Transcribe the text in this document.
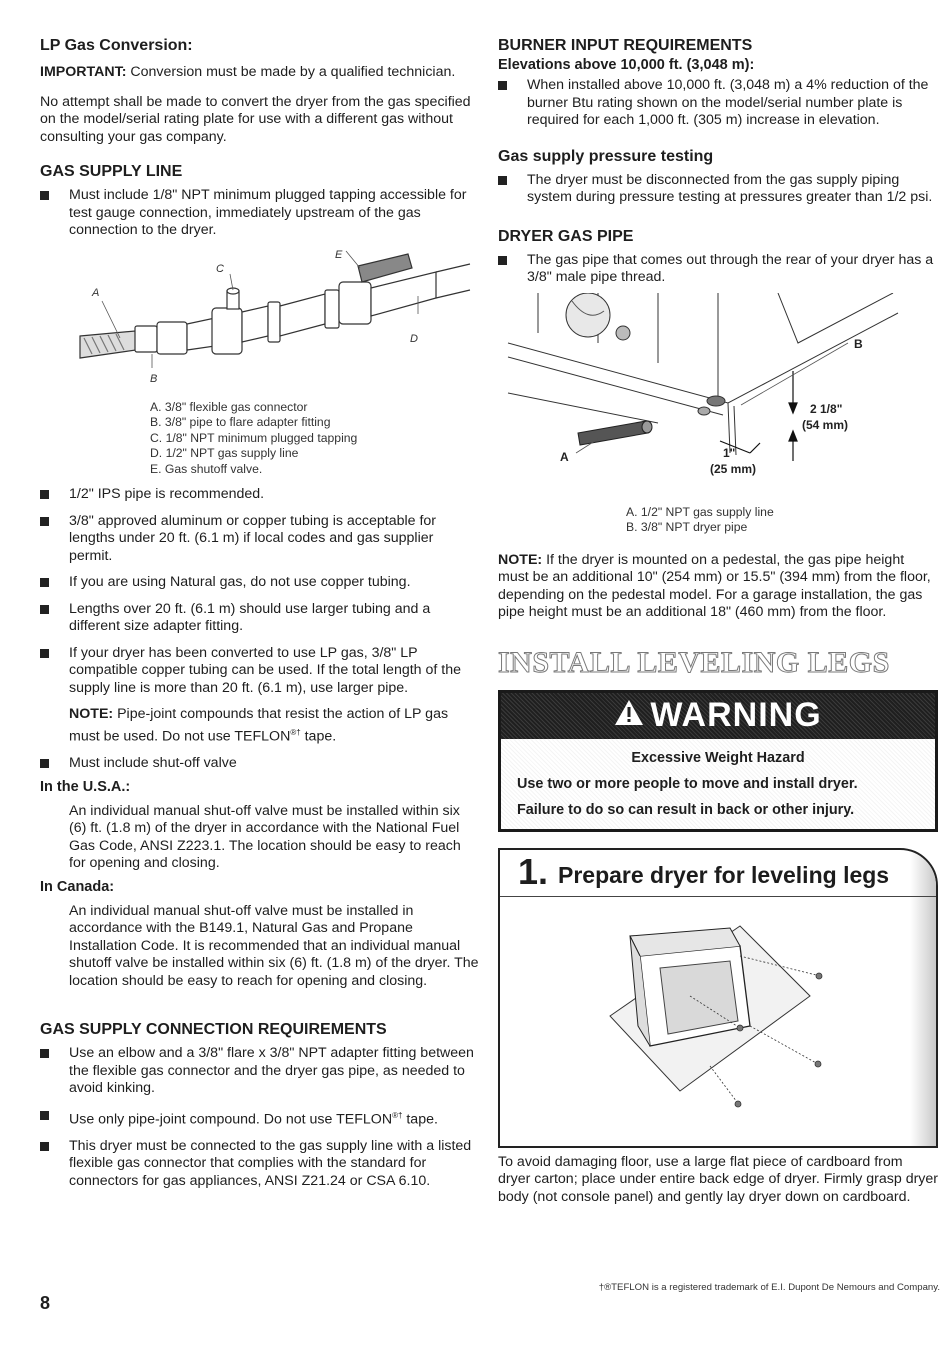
LP Gas Conversion:

IMPORTANT: Conversion must be made by a qualified technician.

No attempt shall be made to convert the dryer from the gas specified on the model/serial rating plate for use with a different gas without consulting your gas company.

GAS SUPPLY LINE
Must include 1/8" NPT minimum plugged tapping accessible for test gauge connection, immediately upstream of the gas connection to the dryer.
A
B
C
D
E
A. 3/8" flexible gas connector
B. 3/8" pipe to flare adapter fitting
C. 1/8" NPT minimum plugged tapping
D. 1/2" NPT gas supply line
E. Gas shutoff valve.
1/2" IPS pipe is recommended.
3/8" approved aluminum or copper tubing is acceptable for lengths under 20 ft. (6.1 m) if local codes and gas supplier permit.
If you are using Natural gas, do not use copper tubing.
Lengths over 20 ft. (6.1 m) should use larger tubing and a different size adapter fitting.
If your dryer has been converted to use LP gas, 3/8" LP compatible copper tubing can be used. If the total length of the supply line is more than 20 ft. (6.1 m), use larger pipe.

NOTE: Pipe-joint compounds that resist the action of LP gas must be used. Do not use TEFLON®† tape.

Must include shut-off valve
In the U.S.A.:

An individual manual shut-off valve must be installed within six (6) ft. (1.8 m) of the dryer in accordance with the National Fuel Gas Code, ANSI Z223.1. The location should be easy to reach for opening and closing.

In Canada:

An individual manual shut-off valve must be installed in accordance with the B149.1, Natural Gas and Propane Installation Code. It is recommended that an individual manual shutoff valve be installed within six (6) ft. (1.8 m) of the dryer. The location should be easy to reach for opening and closing.

GAS SUPPLY CONNECTION REQUIREMENTS
Use an elbow and a 3/8" flare x 3/8" NPT adapter fitting between the flexible gas connector and the dryer gas pipe, as needed to avoid kinking.
Use only pipe-joint compound. Do not use TEFLON®† tape.
This dryer must be connected to the gas supply line with a listed flexible gas connector that complies with the standard for connectors for gas appliances, ANSI Z21.24 or CSA 6.10.
8
BURNER INPUT REQUIREMENTS
Elevations above 10,000 ft. (3,048 m):
When installed above 10,000 ft. (3,048 m) a 4% reduction of the burner Btu rating shown on the model/serial number plate is required for each 1,000 ft. (305 m) increase in elevation.
Gas supply pressure testing
The dryer must be disconnected from the gas supply piping system during pressure testing at pressures greater than 1/2 psi.
DRYER GAS PIPE
The gas pipe that comes out through the rear of your dryer has a 3/8" male pipe thread.
B
A
2 1/8"
(54 mm)
1"
(25 mm)
A. 1/2" NPT gas supply line
B. 3/8" NPT dryer pipe

NOTE: If the dryer is mounted on a pedestal, the gas pipe height must be an additional 10" (254 mm) or 15.5" (394 mm) from the floor, depending on the pedestal model. For a garage installation, the gas pipe height must be an additional 18" (460 mm) from the floor.

INSTALL LEVELING LEGS
WARNING
Excessive Weight Hazard
Use two or more people to move and install dryer.
Failure to do so can result in back or other injury.
1. Prepare dryer for leveling legs

To avoid damaging floor, use a large flat piece of cardboard from dryer carton; place under entire back edge of dryer. Firmly grasp dryer body (not console panel) and gently lay dryer down on cardboard.

†®TEFLON is a registered trademark of E.I. Dupont De Nemours and Company.
